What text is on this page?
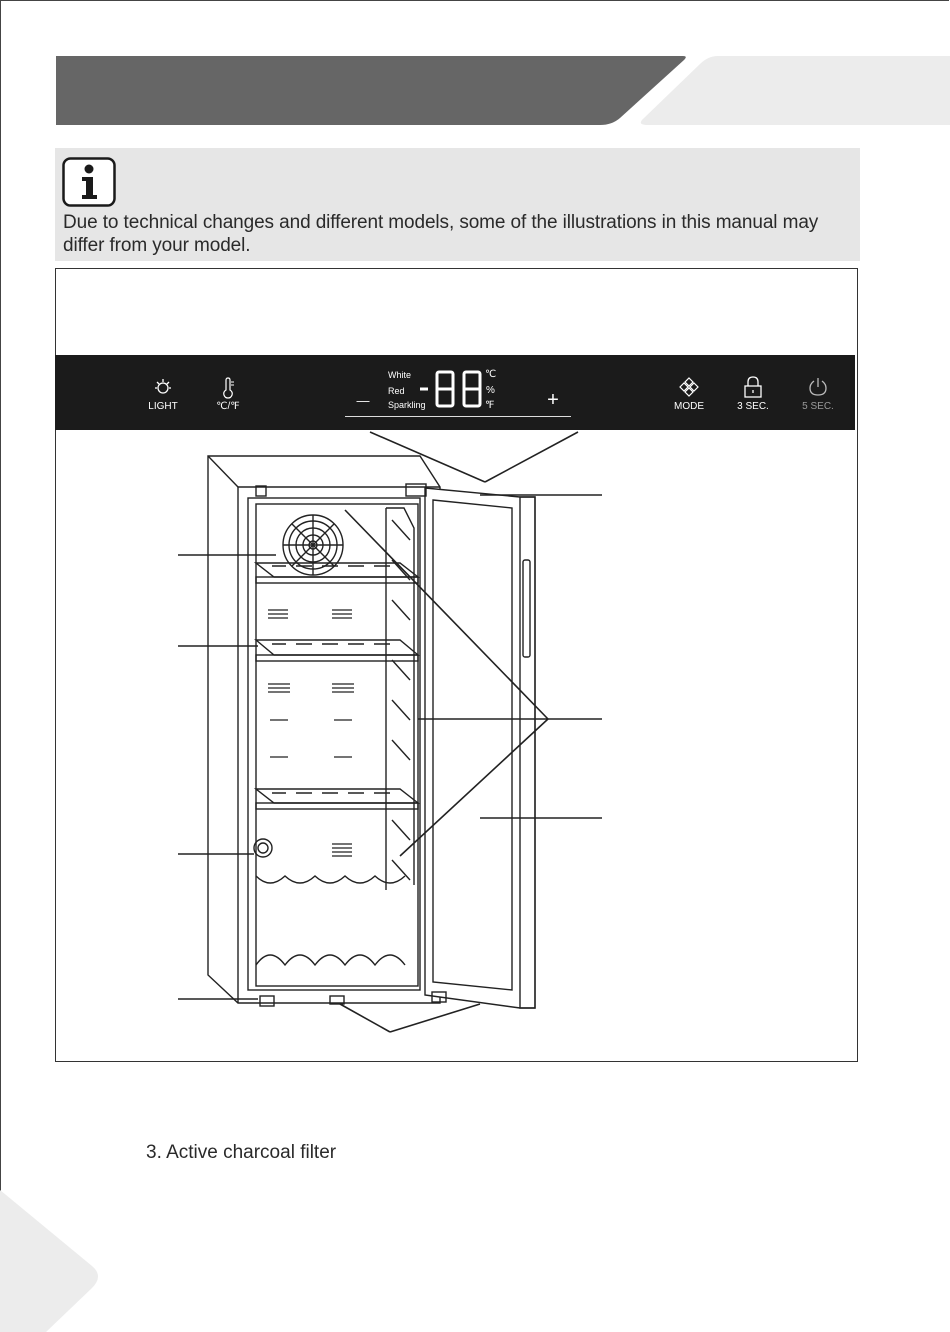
Due to technical changes and different models, some of the illustrations in this manual may differ from your model.
LIGHT	℃/℉
White
Red
Sparkling
℃
%
℉
—	+	MODE	3 SEC.	5 SEC.
3. Active charcoal filter
